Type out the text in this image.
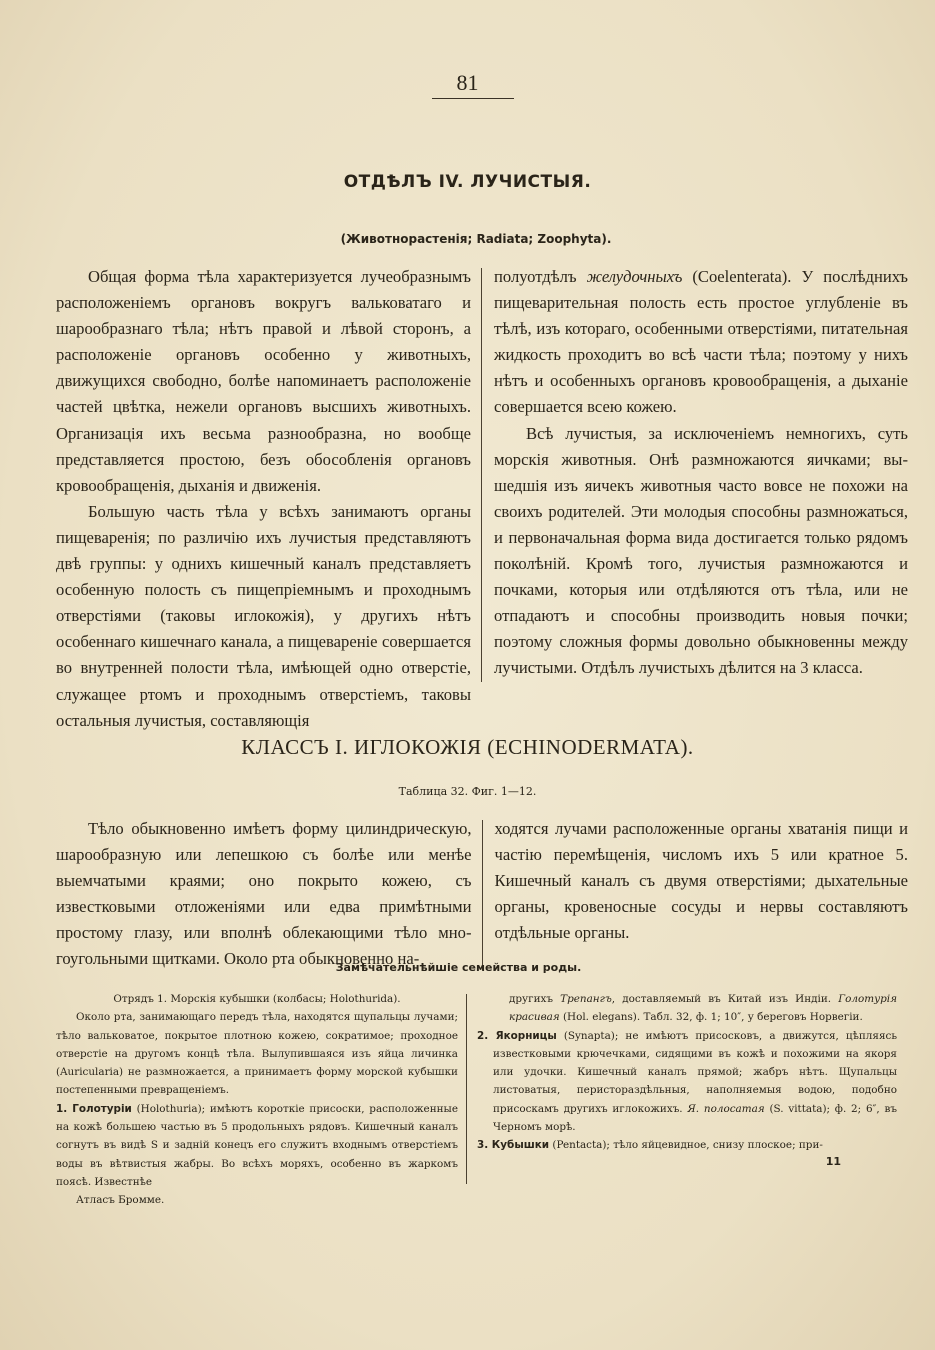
81
ОТДѢЛЪ IV. ЛУЧИСТЫЯ.
(Животнорастенія; Radiata; Zoophyta).

Общая форма тѣла характеризуется лучеобразнымъ расположеніемъ органовъ вокругъ вальковатаго и шарообразнаго тѣла; нѣтъ правой и лѣвой сторонъ, а расположеніе органовъ особенно у животныхъ, движущихся свободно, болѣе напоминаетъ расположеніе частей цвѣтка, нежели органовъ высшихъ животныхъ. Организація ихъ весьма разнообразна, но вообще представляется простою, безъ обособленія органовъ кровообращенія, дыханія и движенія.

Большую часть тѣла у всѣхъ занимаютъ органы пищеваренія; по различію ихъ лучистыя представляютъ двѣ группы: у однихъ кишечный каналъ представляетъ особенную полость съ пищепріемнымъ и проходнымъ отверстіями (таковы иглокожія), у другихъ нѣтъ особеннаго кишечнаго канала, а пищевареніе совершается во внутренней полости тѣла, имѣющей одно отверстіе, служащее ртомъ и проходнымъ отверстіемъ, таковы остальныя лучистыя, составляющія

полуотдѣлъ желудочныхъ (Coelenterata). У послѣднихъ пищеварительная полость есть простое углубленіе въ тѣлѣ, изъ котораго, особенными отверстіями, питательная жидкость проходитъ во всѣ части тѣла; поэтому у нихъ нѣтъ и особенныхъ органовъ кровообращенія, а дыханіе совершается всею кожею.

Всѣ лучистыя, за исключеніемъ немногихъ, суть морскія животныя. Онѣ размножаются яичками; вышедшія изъ яичекъ животныя часто вовсе не похожи на своихъ родителей. Эти молодыя способны размножаться, и первоначальная форма вида достигается только рядомъ поколѣній. Кромѣ того, лучистыя размножаются и почками, которыя или отдѣляются отъ тѣла, или не отпадаютъ и способны производить новыя почки; поэтому сложныя формы довольно обыкновенны между лучистыми. Отдѣлъ лучистыхъ дѣлится на 3 класса.

КЛАССЪ I. ИГЛОКОЖІЯ (ECHINODERMATA).
Таблица 32. Фиг. 1—12.

Тѣло обыкновенно имѣетъ форму цилиндрическую, шарообразную или лепешкою съ болѣе или менѣе выемчатыми краями; оно покрыто кожею, съ известковыми отложеніями или едва примѣтными простому глазу, или вполнѣ облекающими тѣло многоугольными щитками. Около рта обыкновенно на-

ходятся лучами расположенные органы хватанія пищи и частію перемѣщенія, числомъ ихъ 5 или кратное 5. Кишечный каналъ съ двумя отверстіями; дыхательные органы, кровеносные сосуды и нервы составляютъ отдѣльные органы.

Замѣчательнѣйшіе семейства и роды.

Отрядъ 1. Морскія кубышки (колбасы; Holothurida).

Около рта, занимающаго передъ тѣла, находятся щупальцы лучами; тѣло вальковатое, покрытое плотною кожею, сократимое; проходное отверстіе на другомъ концѣ тѣла. Вылупившаяся изъ яйца личинка (Auricularia) не размножается, а принимаетъ форму морской кубышки постепенными превращеніемъ.

1. Голотуріи (Holothuria); имѣютъ короткіе присоски, расположенные на кожѣ большею частью въ 5 продольныхъ рядовъ. Кишечный каналъ согнутъ въ видѣ S и задній конецъ его служитъ входнымъ отверстіемъ воды въ вѣтвистыя жабры. Во всѣхъ моряхъ, особенно въ жаркомъ поясѣ. Известнѣе

Атласъ Бромме.

другихъ Трепангъ, доставляемый въ Китай изъ Индіи. Голотурія красивая (Hol. elegans). Табл. 32, ф. 1; 10″, у береговъ Норвегіи.

2. Якорницы (Synapta); не имѣютъ присосковъ, а движутся, цѣпляясь известковыми крючечками, сидящими въ кожѣ и похожими на якоря или удочки. Кишечный каналъ прямой; жабръ нѣтъ. Щупальцы листоватыя, перистораздѣльныя, наполняемыя водою, подобно присоскамъ другихъ иглокожихъ. Я. полосатая (S. vittata); ф. 2; 6″, въ Черномъ морѣ.

3. Кубышки (Pentacta); тѣло яйцевидное, снизу плоское; при-

11
